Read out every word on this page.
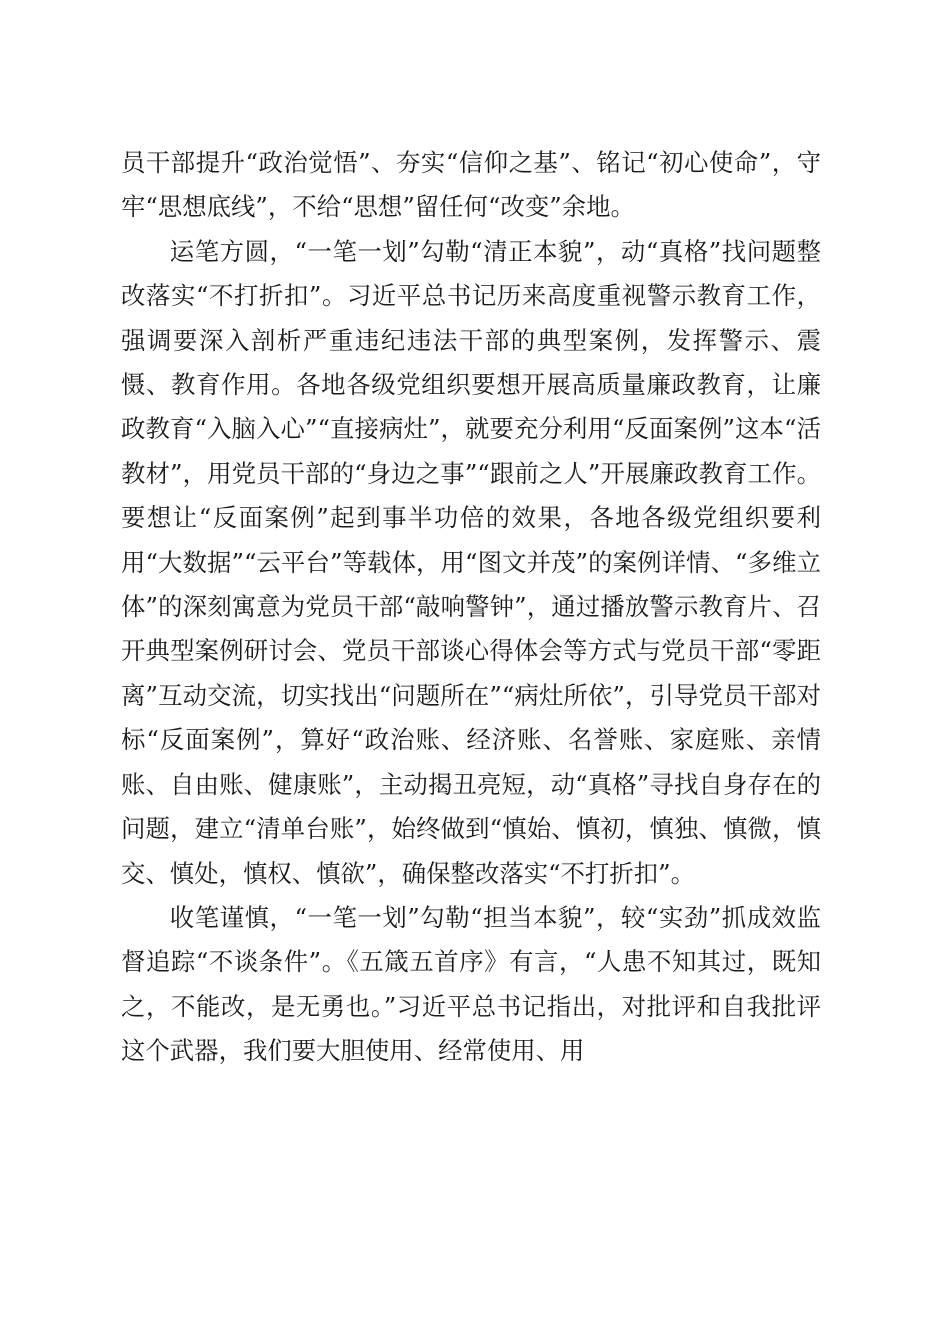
员干部提升“政治觉悟”、夯实“信仰之基”、铭记“初心使命”，守牢“思想底线”，不给“思想”留任何“改变”余地。

运笔方圆，“一笔一划”勾勒“清正本貌”，动“真格”找问题整改落实“不打折扣”。习近平总书记历来高度重视警示教育工作，强调要深入剖析严重违纪违法干部的典型案例，发挥警示、震慑、教育作用。各地各级党组织要想开展高质量廉政教育，让廉政教育“入脑入心”“直接病灶”，就要充分利用“反面案例”这本“活教材”，用党员干部的“身边之事”“跟前之人”开展廉政教育工作。要想让“反面案例”起到事半功倍的效果，各地各级党组织要利用“大数据”“云平台”等载体，用“图文并茂”的案例详情、“多维立体”的深刻寓意为党员干部“敲响警钟”，通过播放警示教育片、召开典型案例研讨会、党员干部谈心得体会等方式与党员干部“零距离”互动交流，切实找出“问题所在”“病灶所依”，引导党员干部对标“反面案例”，算好“政治账、经济账、名誉账、家庭账、亲情账、自由账、健康账”，主动揭丑亮短，动“真格”寻找自身存在的问题，建立“清单台账”，始终做到“慎始、慎初，慎独、慎微，慎交、慎处，慎权、慎欲”，确保整改落实“不打折扣”。

收笔谨慎，“一笔一划”勾勒“担当本貌”，较“实劲”抓成效监督追踪“不谈条件”。《五箴五首序》有言，“人患不知其过，既知之，不能改，是无勇也。”习近平总书记指出，对批评和自我批评这个武器，我们要大胆使用、经常使用、用
